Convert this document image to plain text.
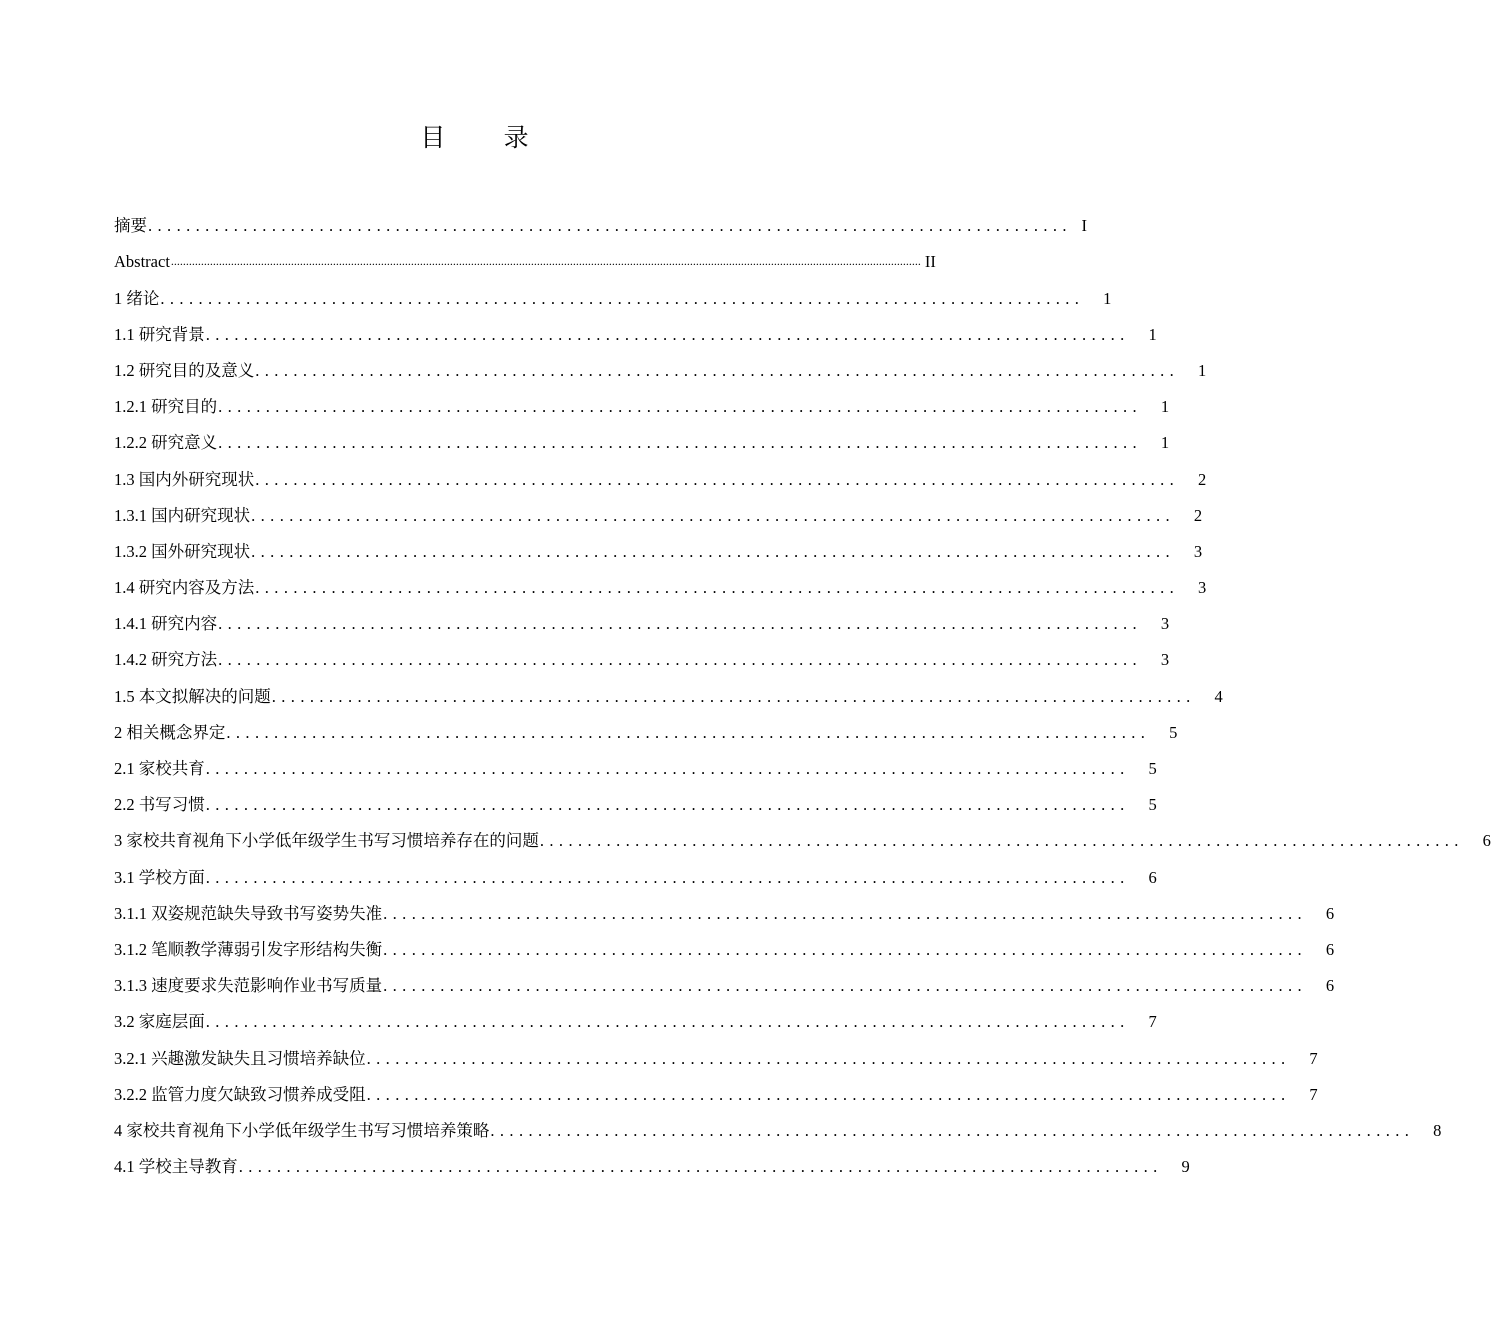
目 录
摘要 ................................................................................................. I
Abstract .......................................................................................................................................................................................................................................................... II
1 绪论 .................................................................................................	1
1.1 研究背景 .................................................................................................	1
1.2 研究目的及意义 .................................................................................................	1
1.2.1 研究目的 .................................................................................................	1
1.2.2 研究意义 .................................................................................................	1
1.3 国内外研究现状 .................................................................................................	2
1.3.1 国内研究现状 .................................................................................................	2
1.3.2 国外研究现状 .................................................................................................	3
1.4 研究内容及方法 .................................................................................................	3
1.4.1 研究内容 .................................................................................................	3
1.4.2 研究方法 .................................................................................................	3
1.5 本文拟解决的问题 .................................................................................................	4
2 相关概念界定 .................................................................................................	5
2.1 家校共育 .................................................................................................	5
2.2 书写习惯 .................................................................................................	5
3 家校共育视角下小学低年级学生书写习惯培养存在的问题 .................................................................................................	6
3.1 学校方面 .................................................................................................	6
3.1.1 双姿规范缺失导致书写姿势失准 .................................................................................................	6
3.1.2 笔顺教学薄弱引发字形结构失衡 .................................................................................................	6
3.1.3 速度要求失范影响作业书写质量 .................................................................................................	6
3.2 家庭层面 .................................................................................................	7
3.2.1 兴趣激发缺失且习惯培养缺位 .................................................................................................	7
3.2.2 监管力度欠缺致习惯养成受阻 .................................................................................................	7
4 家校共育视角下小学低年级学生书写习惯培养策略 .................................................................................................	8
4.1 学校主导教育 .................................................................................................	9
